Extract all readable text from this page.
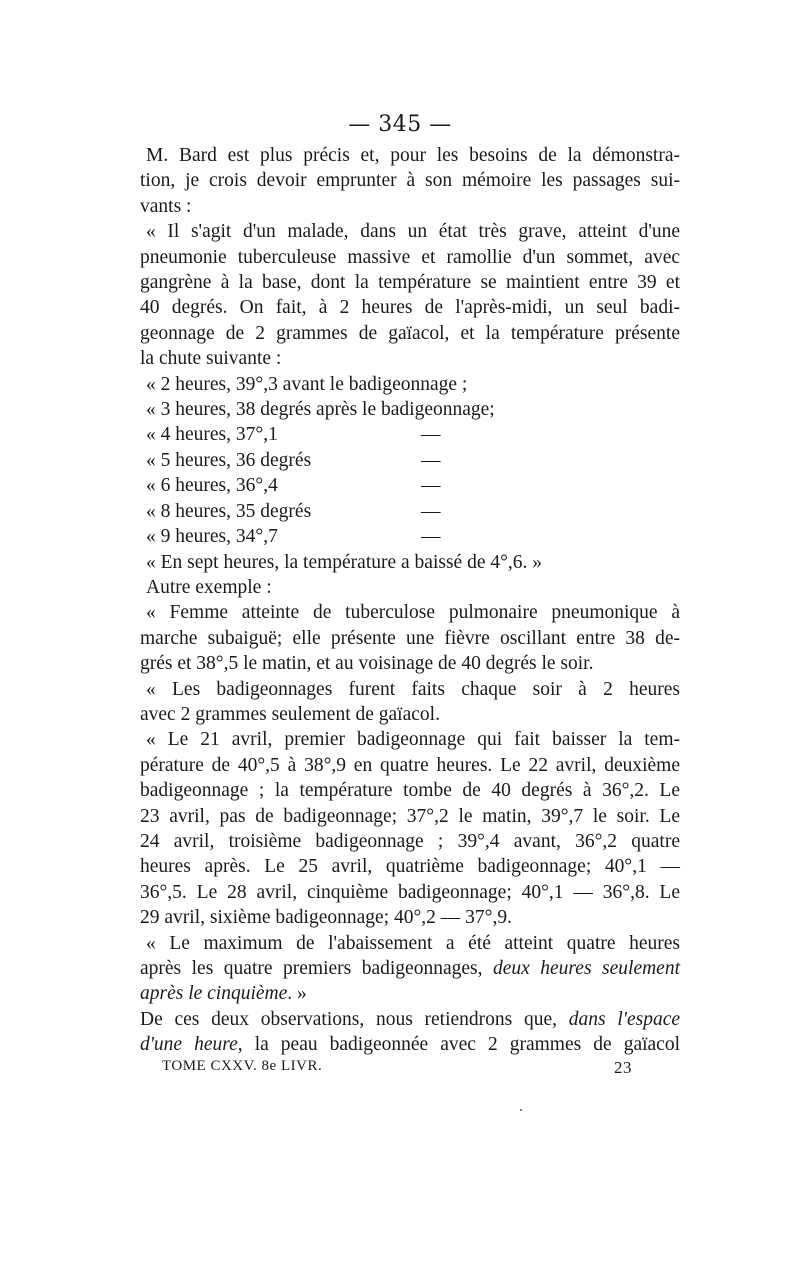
— 345 —
M. Bard est plus précis et, pour les besoins de la démonstra-
tion, je crois devoir emprunter à son mémoire les passages sui-
vants :
« Il s'agit d'un malade, dans un état très grave, atteint d'une
pneumonie tuberculeuse massive et ramollie d'un sommet, avec
gangrène à la base, dont la température se maintient entre 39 et
40 degrés. On fait, à 2 heures de l'après-midi, un seul badi-
geonnage de 2 grammes de gaïacol, et la température présente
la chute suivante :
« 2 heures, 39°,3 avant le badigeonnage ;
« 3 heures, 38 degrés après le badigeonnage;
« 4 heures, 37°,1	—
« 5 heures, 36 degrés	—
« 6 heures, 36°,4	—
« 8 heures, 35 degrés	—
« 9 heures, 34°,7	—
« En sept heures, la température a baissé de 4°,6. »
Autre exemple :
« Femme atteinte de tuberculose pulmonaire pneumonique à
marche subaiguë; elle présente une fièvre oscillant entre 38 de-
grés et 38°,5 le matin, et au voisinage de 40 degrés le soir.
« Les badigeonnages furent faits chaque soir à 2 heures
avec 2 grammes seulement de gaïacol.
« Le 21 avril, premier badigeonnage qui fait baisser la tem-
pérature de 40°,5 à 38°,9 en quatre heures. Le 22 avril, deuxième
badigeonnage ; la température tombe de 40 degrés à 36°,2. Le
23 avril, pas de badigeonnage; 37°,2 le matin, 39°,7 le soir. Le
24 avril, troisième badigeonnage ; 39°,4 avant, 36°,2 quatre
heures après. Le 25 avril, quatrième badigeonnage; 40°,1 —
36°,5. Le 28 avril, cinquième badigeonnage; 40°,1 — 36°,8. Le
29 avril, sixième badigeonnage; 40°,2 — 37°,9.
« Le maximum de l'abaissement a été atteint quatre heures
après les quatre premiers badigeonnages, deux heures seulement
après le cinquième. »
De ces deux observations, nous retiendrons que, dans l'espace
d'une heure, la peau badigeonnée avec 2 grammes de gaïacol
TOME CXXV. 8e LIVR.	23
